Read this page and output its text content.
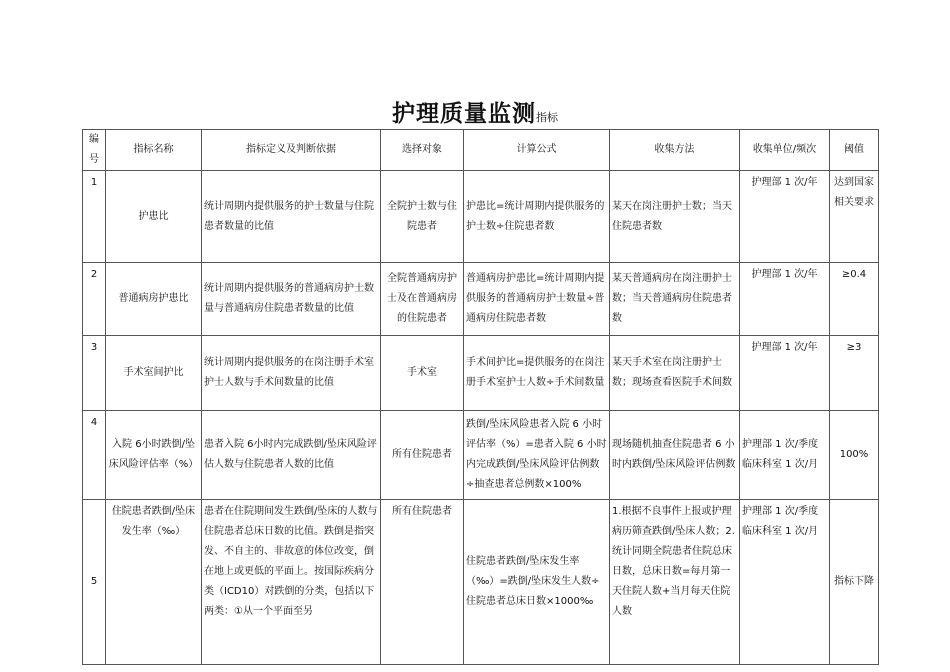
护理质量监测指标
编号	指标名称	指标定义及判断依据	选择对象	计算公式	收集方法	收集单位/频次	阈值
1	护患比	统计周期内提供服务的护士数量与住院患者数量的比值	全院护士数与住院患者	护患比=统计周期内提供服务的护士数÷住院患者数	某天在岗注册护士数；当天住院患者数	护理部 1 次/年	达到国家相关要求
2	普通病房护患比	统计周期内提供服务的普通病房护士数量与普通病房住院患者数量的比值	全院普通病房护士及在普通病房的住院患者	普通病房护患比=统计周期内提供服务的普通病房护士数量÷普通病房住院患者数	某天普通病房在岗注册护士数；当天普通病房住院患者数	护理部 1 次/年	≥0.4
3	手术室间护比	统计周期内提供服务的在岗注册手术室护士人数与手术间数量的比值	手术室	手术间护比=提供服务的在岗注册手术室护士人数÷手术间数量	某天手术室在岗注册护士数；现场查看医院手术间数	护理部 1 次/年	≥3
4	入院 6小时跌倒/坠床风险评估率（%）	患者入院 6小时内完成跌倒/坠床风险评估人数与住院患者人数的比值	所有住院患者	跌倒/坠床风险患者入院 6 小时评估率（%）=患者入院 6 小时内完成跌倒/坠床风险评估例数÷抽查患者总例数×100%	现场随机抽查住院患者 6 小时内跌倒/坠床风险评估例数	护理部 1 次/季度 临床科室 1 次/月	100%
5	住院患者跌倒/坠床发生率（‰）	患者在住院期间发生跌倒/坠床的人数与住院患者总床日数的比值。跌倒是指突发、不自主的、非故意的体位改变，倒在地上或更低的平面上。按国际疾病分类（ICD10）对跌倒的分类，包括以下两类：①从一个平面至另	所有住院患者	住院患者跌倒/坠床发生率（‰）=跌倒/坠床发生人数÷住院患者总床日数×1000‰	1.根据不良事件上报或护理病历筛查跌倒/坠床人数；2.统计同期全院患者住院总床日数，总床日数=每月第一天住院人数+当月每天住院人数	护理部 1 次/季度 临床科室 1 次/月	指标下降
